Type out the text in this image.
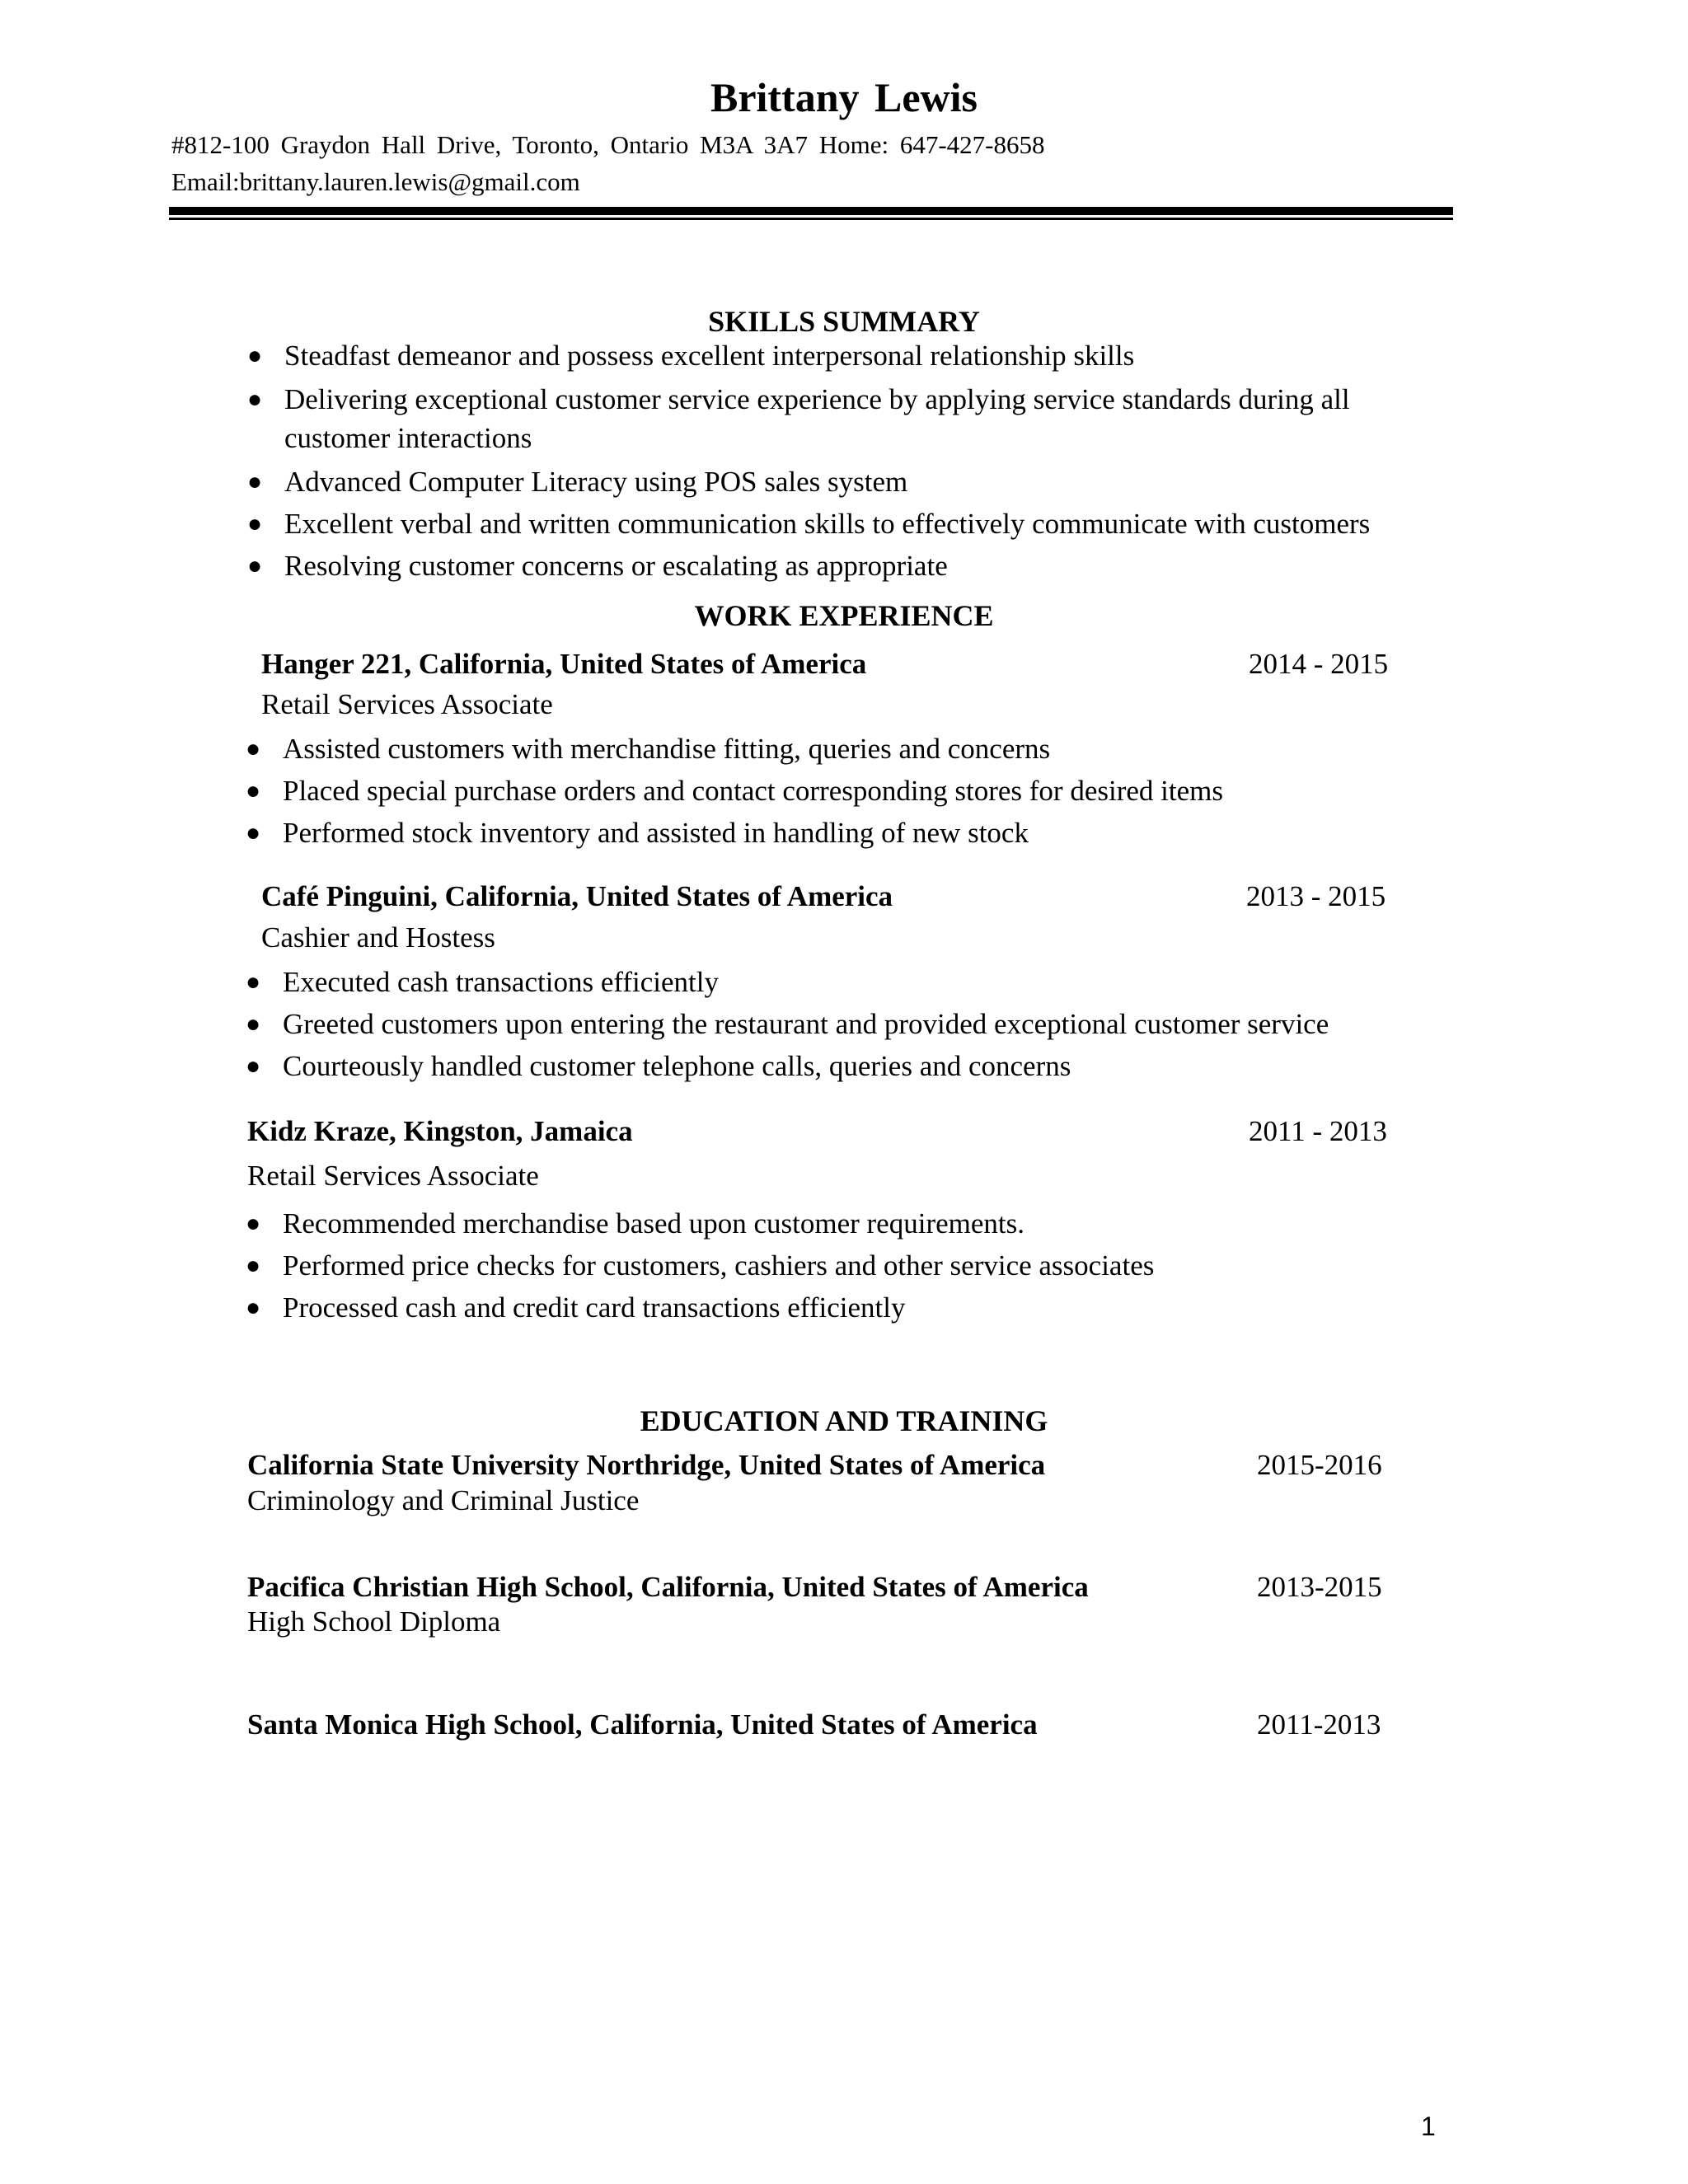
Brittany Lewis
#812-100 Graydon Hall Drive, Toronto, Ontario M3A 3A7 Home: 647-427-8658
Email:brittany.lauren.lewis@gmail.com
SKILLS SUMMARY
● Steadfast demeanor and possess excellent interpersonal relationship skills
● Delivering exceptional customer service experience by applying service standards during all
customer interactions
● Advanced Computer Literacy using POS sales system
● Excellent verbal and written communication skills to effectively communicate with customers
● Resolving customer concerns or escalating as appropriate
WORK EXPERIENCE
Hanger 221, California, United States of America	2014 - 2015
Retail Services Associate
● Assisted customers with merchandise fitting, queries and concerns
● Placed special purchase orders and contact corresponding stores for desired items
● Performed stock inventory and assisted in handling of new stock
Café Pinguini, California, United States of America	2013 - 2015
Cashier and Hostess
● Executed cash transactions efficiently
● Greeted customers upon entering the restaurant and provided exceptional customer service
● Courteously handled customer telephone calls, queries and concerns
Kidz Kraze, Kingston, Jamaica	2011 - 2013
Retail Services Associate
● Recommended merchandise based upon customer requirements.
● Performed price checks for customers, cashiers and other service associates
● Processed cash and credit card transactions efficiently
EDUCATION AND TRAINING
California State University Northridge, United States of America	2015-2016
Criminology and Criminal Justice
Pacifica Christian High School, California, United States of America	2013-2015
High School Diploma
Santa Monica High School, California, United States of America	2011-2013
1
